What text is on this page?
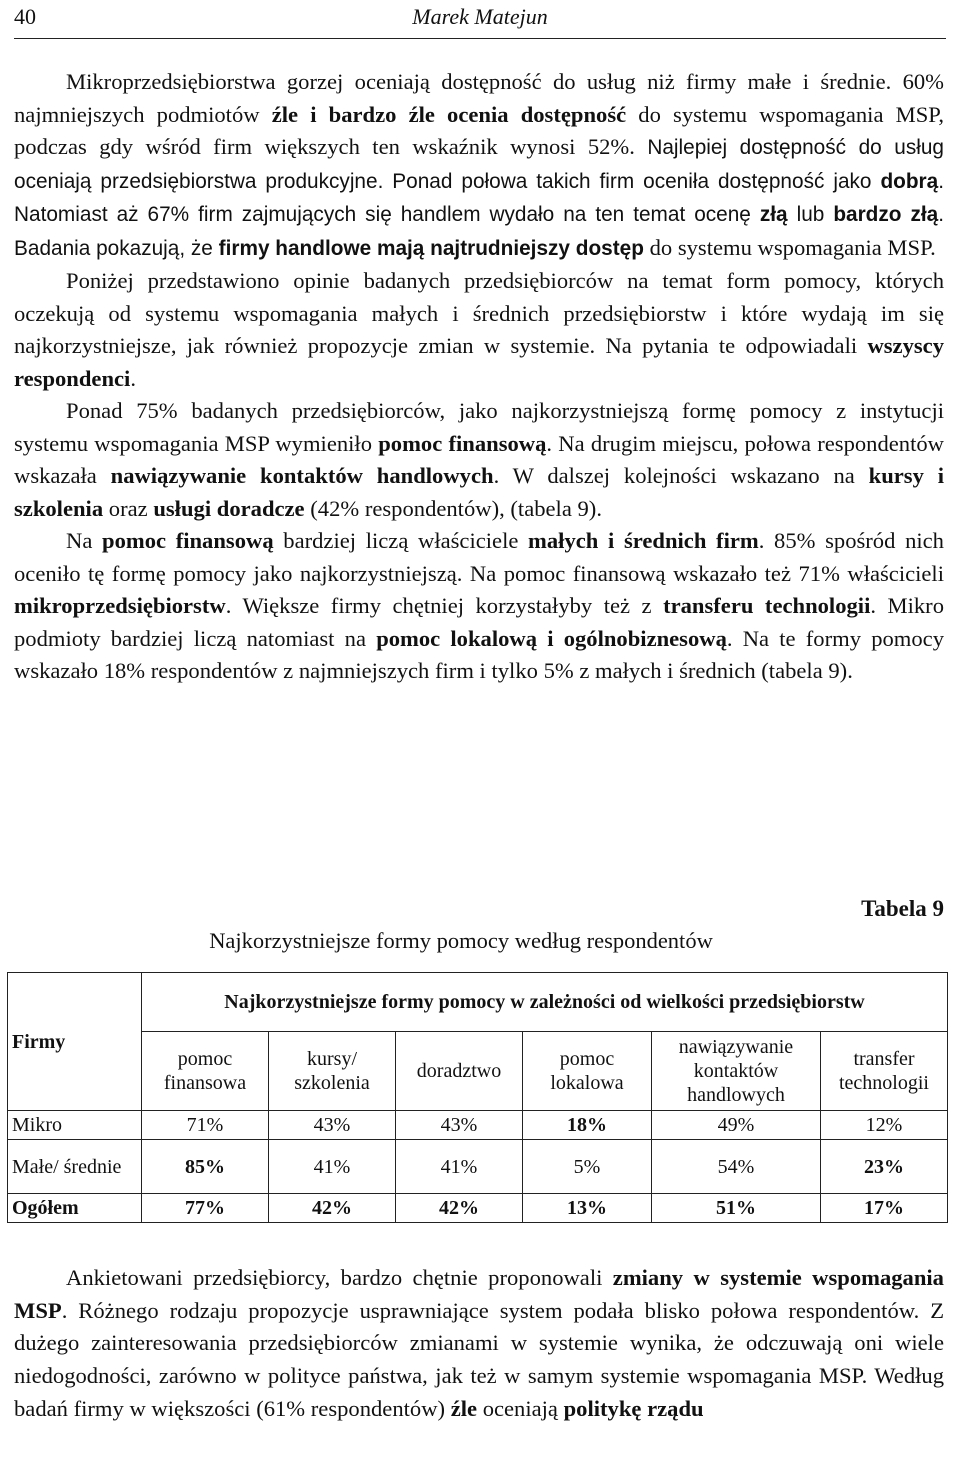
40	Marek Matejun

Mikroprzedsiębiorstwa gorzej oceniają dostępność do usług niż firmy małe i średnie. 60% najmniejszych podmiotów źle i bardzo źle ocenia dostępność do systemu wspomagania MSP, podczas gdy wśród firm większych ten wskaźnik wynosi 52%. Najlepiej dostępność do usług oceniają przedsiębiorstwa produkcyjne. Ponad połowa takich firm oceniła dostępność jako dobrą. Natomiast aż 67% firm zajmujących się handlem wydało na ten temat ocenę złą lub bardzo złą. Badania pokazują, że firmy handlowe mają najtrudniejszy dostęp do systemu wspomagania MSP.

Poniżej przedstawiono opinie badanych przedsiębiorców na temat form pomocy, których oczekują od systemu wspomagania małych i średnich przedsiębiorstw i które wydają im się najkorzystniejsze, jak również propozycje zmian w systemie. Na pytania te odpowiadali wszyscy respondenci.

Ponad 75% badanych przedsiębiorców, jako najkorzystniejszą formę pomocy z instytucji systemu wspomagania MSP wymieniło pomoc finansową. Na drugim miejscu, połowa respondentów wskazała nawiązywanie kontaktów handlowych. W dalszej kolejności wskazano na kursy i szkolenia oraz usługi doradcze (42% respondentów), (tabela 9).

Na pomoc finansową bardziej liczą właściciele małych i średnich firm. 85% spośród nich oceniło tę formę pomocy jako najkorzystniejszą. Na pomoc finansową wskazało też 71% właścicieli mikroprzedsiębiorstw. Większe firmy chętniej korzystałyby też z transferu technologii. Mikro podmioty bardziej liczą natomiast na pomoc lokalową i ogólnobiznesową. Na te formy pomocy wskazało 18% respondentów z najmniejszych firm i tylko 5% z małych i średnich (tabela 9).

Tabela 9
Najkorzystniejsze formy pomocy według respondentów
Firmy	Najkorzystniejsze formy pomocy w zależności od wielkości przedsiębiorstw					
	pomoc finansowa	kursy/ szkolenia	doradztwo	pomoc lokalowa	nawiązywanie kontaktów handlowych	transfer technologii
Mikro	71%	43%	43%	18%	49%	12%
Małe/ średnie	85%	41%	41%	5%	54%	23%
Ogółem	77%	42%	42%	13%	51%	17%

Ankietowani przedsiębiorcy, bardzo chętnie proponowali zmiany w systemie wspomagania MSP. Różnego rodzaju propozycje usprawniające system podała blisko połowa respondentów. Z dużego zainteresowania przedsiębiorców zmianami w systemie wynika, że odczuwają oni wiele niedogodności, zarówno w polityce państwa, jak też w samym systemie wspomagania MSP. Według badań firmy w większości (61% respondentów) źle oceniają politykę rządu
